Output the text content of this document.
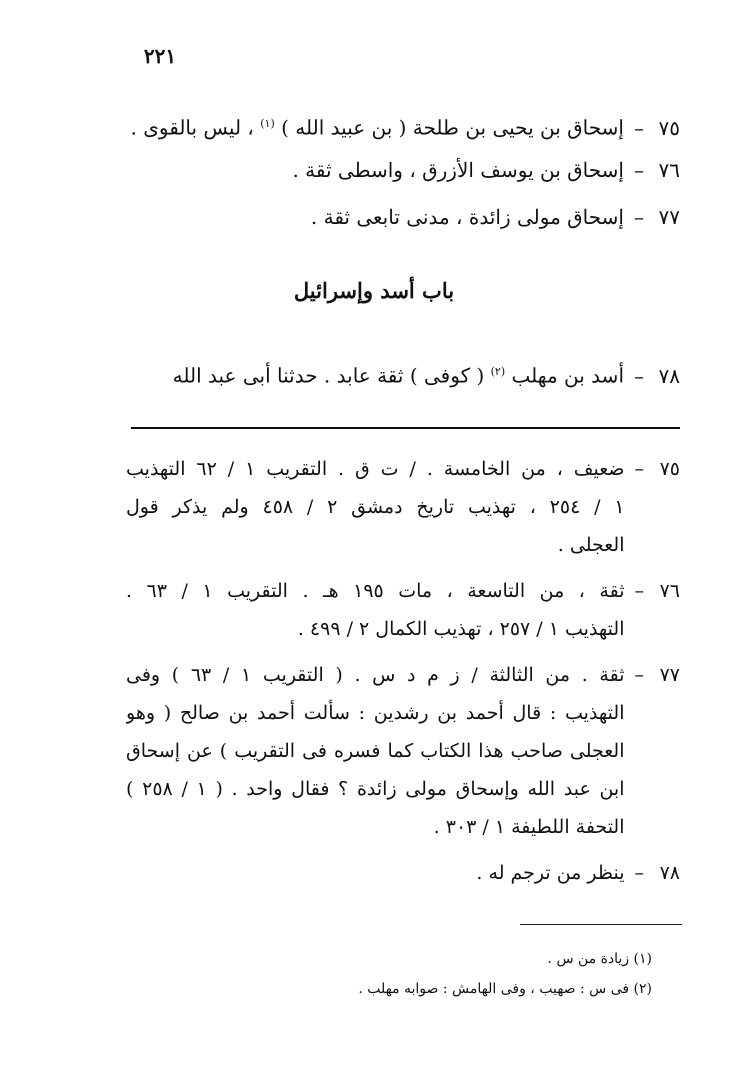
٢٢١
٧٥
–
إسحاق بن يحيى بن طلحة ( بن عبيد الله ) $^{(١)}$ ، ليس بالقوى .
٧٦
–
إسحاق بن يوسف الأزرق ، واسطى ثقة .
٧٧
–
إسحاق مولى زائدة ، مدنى تابعى ثقة .
باب أسد وإسرائيل
٧٨
–
أسد بن مهلب $^{(٢)}$ ( كوفى ) ثقة عابد . حدثنا أبى عبد الله
٧٥
–
ضعيف ، من الخامسة . / ت ق . التقريب ١ / ٦٢ التهذيب
١ / ٢٥٤ ، تهذيب تاريخ دمشق ٢ / ٤٥٨ ولم يذكر قول
العجلى .
٧٦
–
ثقة ، من التاسعة ، مات ١٩٥ هـ . التقريب ١ / ٦٣ .
التهذيب ١ / ٢٥٧ ، تهذيب الكمال ٢ / ٤٩٩ .
٧٧
–
ثقة . من الثالثة / ز م د س . ( التقريب ١ / ٦٣ ) وفى
التهذيب : قال أحمد بن رشدين : سألت أحمد بن صالح ( وهو
العجلى صاحب هذا الكتاب كما فسره فى التقريب ) عن إسحاق
ابن عبد الله وإسحاق مولى زائدة ؟ فقال واحد . ( ١ / ٢٥٨ )
التحفة اللطيفة ١ / ٣٠٣ .
٧٨
–
ينظر من ترجم له .
(١) زيادة من س .
(٢) فى س : صهيب ، وفى الهامش : صوابه مهلب .
